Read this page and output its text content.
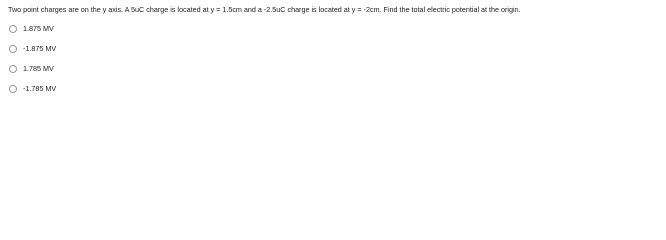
Two point charges are on the y axis. A 5uC charge is located at y = 1.5cm and a -2.5uC charge is located at y = -2cm. Find the total electric potential at the origin.
1.875 MV
-1.875 MV
1.785 MV
-1.785 MV
